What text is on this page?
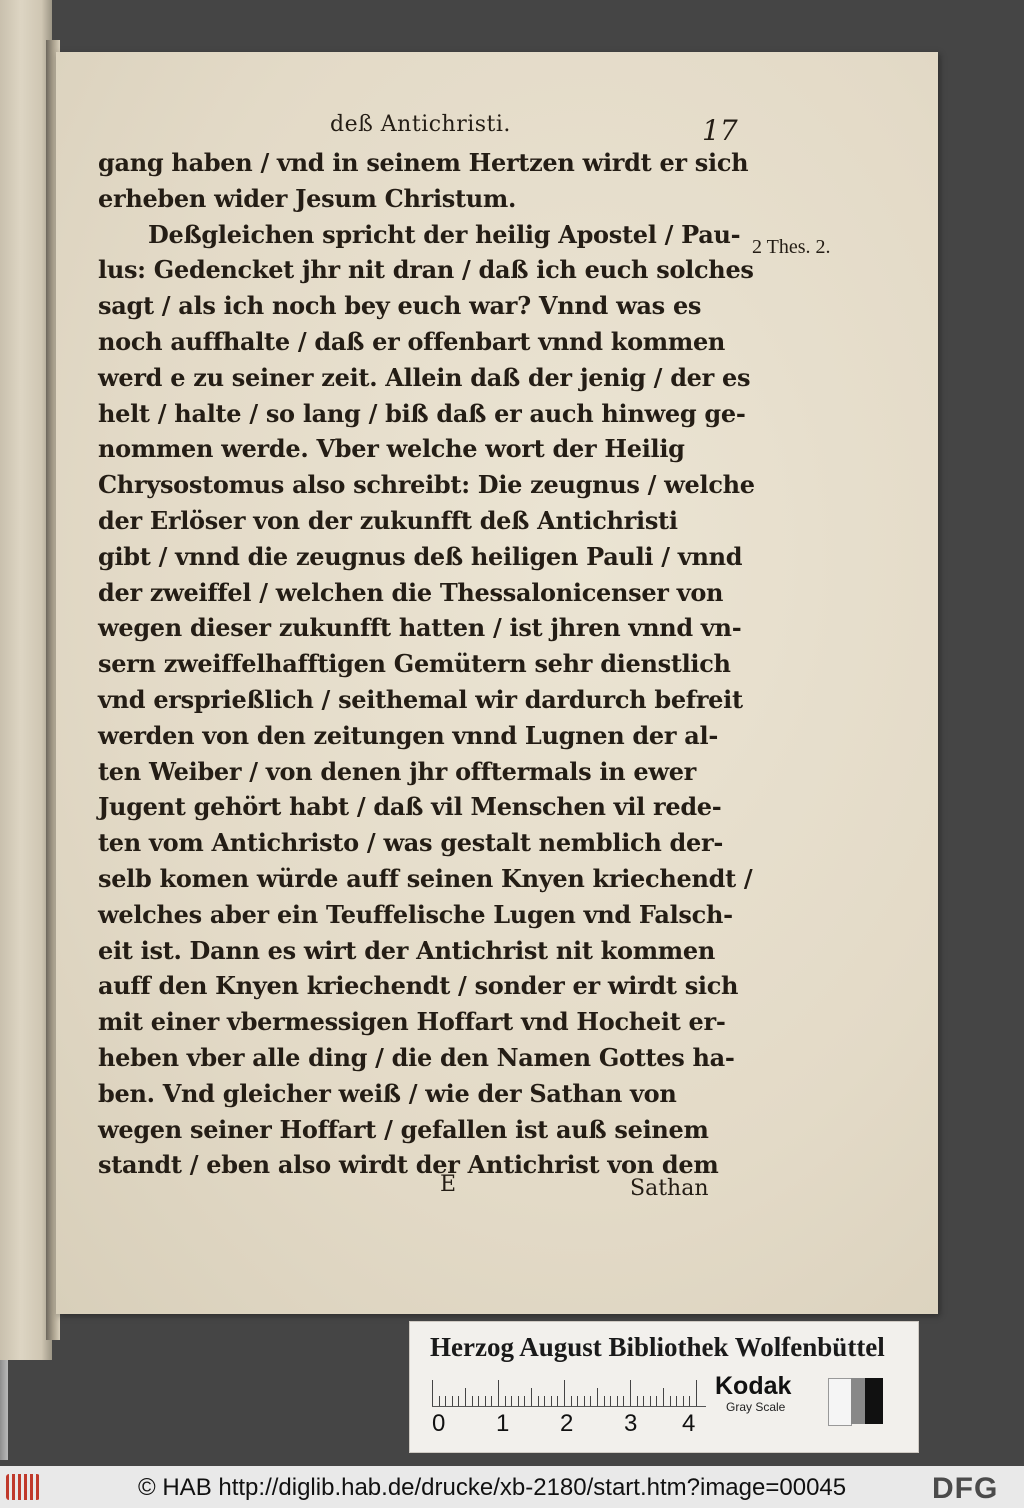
deß Antichristi.	17
2 Thes. 2.
gang haben / vnd in seinem Hertzen wirdt er sich
erheben wider Jesum Christum.
Deßgleichen spricht der heilig Apostel / Pau‑
lus: Gedencket jhr nit dran / daß ich euch solches
sagt / als ich noch bey euch war? Vnnd was es
noch auffhalte / daß er offenbart vnnd kommen
werd e zu seiner zeit. Allein daß der jenig / der es
helt / halte / so lang / biß daß er auch hinweg ge‑
nommen werde. Vber welche wort der Heilig
Chrysostomus also schreibt: Die zeugnus / welche
der Erlöser von der zukunfft deß Antichristi
gibt / vnnd die zeugnus deß heiligen Pauli / vnnd
der zweiffel / welchen die Thessalonicenser von
wegen dieser zukunfft hatten / ist jhren vnnd vn‑
sern zweiffelhafftigen Gemütern sehr dienstlich
vnd ersprießlich / seithemal wir dardurch befreit
werden von den zeitungen vnnd Lugnen der al‑
ten Weiber / von denen jhr offtermals in ewer
Jugent gehört habt / daß vil Menschen vil rede‑
ten vom Antichristo / was gestalt nemblich der‑
selb komen würde auff seinen Knyen kriechendt /
welches aber ein Teuffelische Lugen vnd Falsch‑
eit ist. Dann es wirt der Antichrist nit kommen
auff den Knyen kriechendt / sonder er wirdt sich
mit einer vbermessigen Hoffart vnd Hocheit er‑
heben vber alle ding / die den Namen Gottes ha‑
ben. Vnd gleicher weiß / wie der Sathan von
wegen seiner Hoffart / gefallen ist auß seinem
standt / eben also wirdt der Antichrist von dem
E	Sathan
Herzog August Bibliothek Wolfenbüttel
0 1 2 3 4
Kodak
Gray Scale
© HAB http://diglib.hab.de/drucke/xb-2180/start.htm?image=00045	DFG
